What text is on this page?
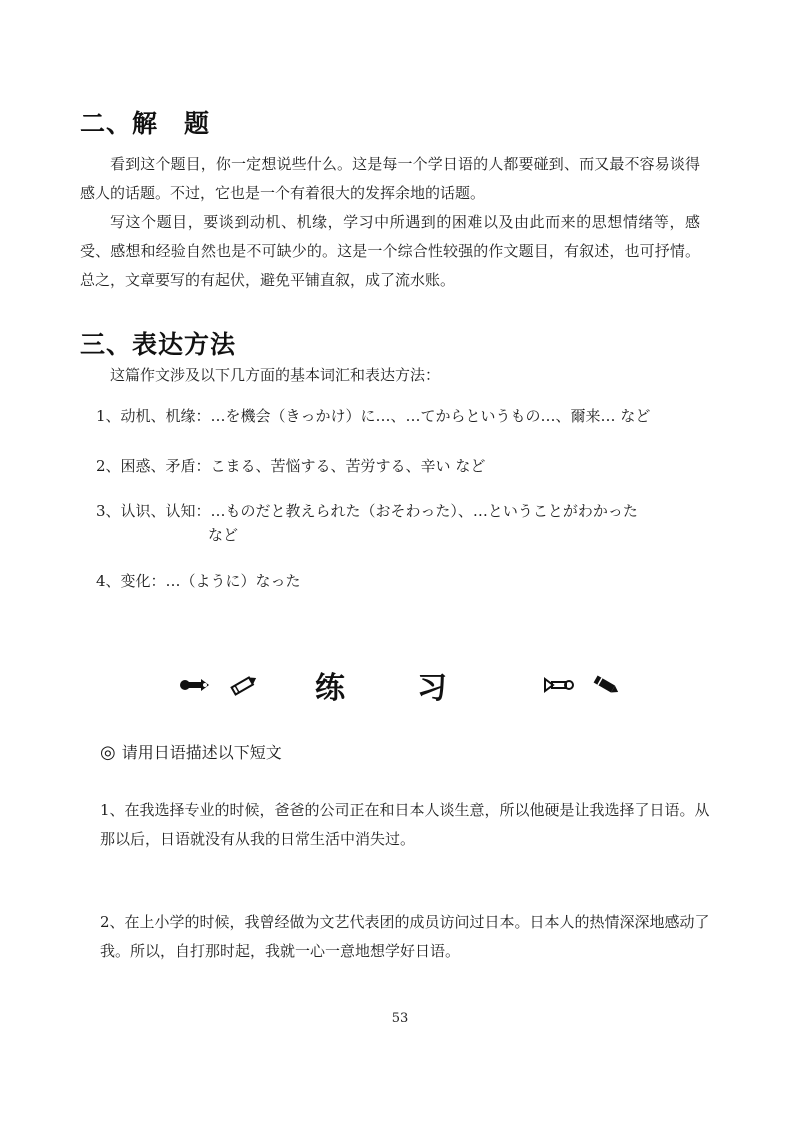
二、解　题

看到这个题目，你一定想说些什么。这是每一个学日语的人都要碰到、而又最不容易谈得感人的话题。不过，它也是一个有着很大的发挥余地的话题。

写这个题目，要谈到动机、机缘，学习中所遇到的困难以及由此而来的思想情绪等，感受、感想和经验自然也是不可缺少的。这是一个综合性较强的作文题目，有叙述，也可抒情。总之，文章要写的有起伏，避免平铺直叙，成了流水账。

三、表达方法
这篇作文涉及以下几方面的基本词汇和表达方法：
1、动机、机缘：…を機会（きっかけ）に…、…てからというもの…、爾来… など
2、困惑、矛盾：こまる、苦悩する、苦労する、辛い など
3、认识、认知：…ものだと教えられた（おそわった）、…ということがわかった
など
4、变化：…（ように）なった
练习
◎ 请用日语描述以下短文
1、在我选择专业的时候，爸爸的公司正在和日本人谈生意，所以他硬是让我选择了日语。从那以后，日语就没有从我的日常生活中消失过。
2、在上小学的时候，我曾经做为文艺代表团的成员访问过日本。日本人的热情深深地感动了我。所以，自打那时起，我就一心一意地想学好日语。
53
